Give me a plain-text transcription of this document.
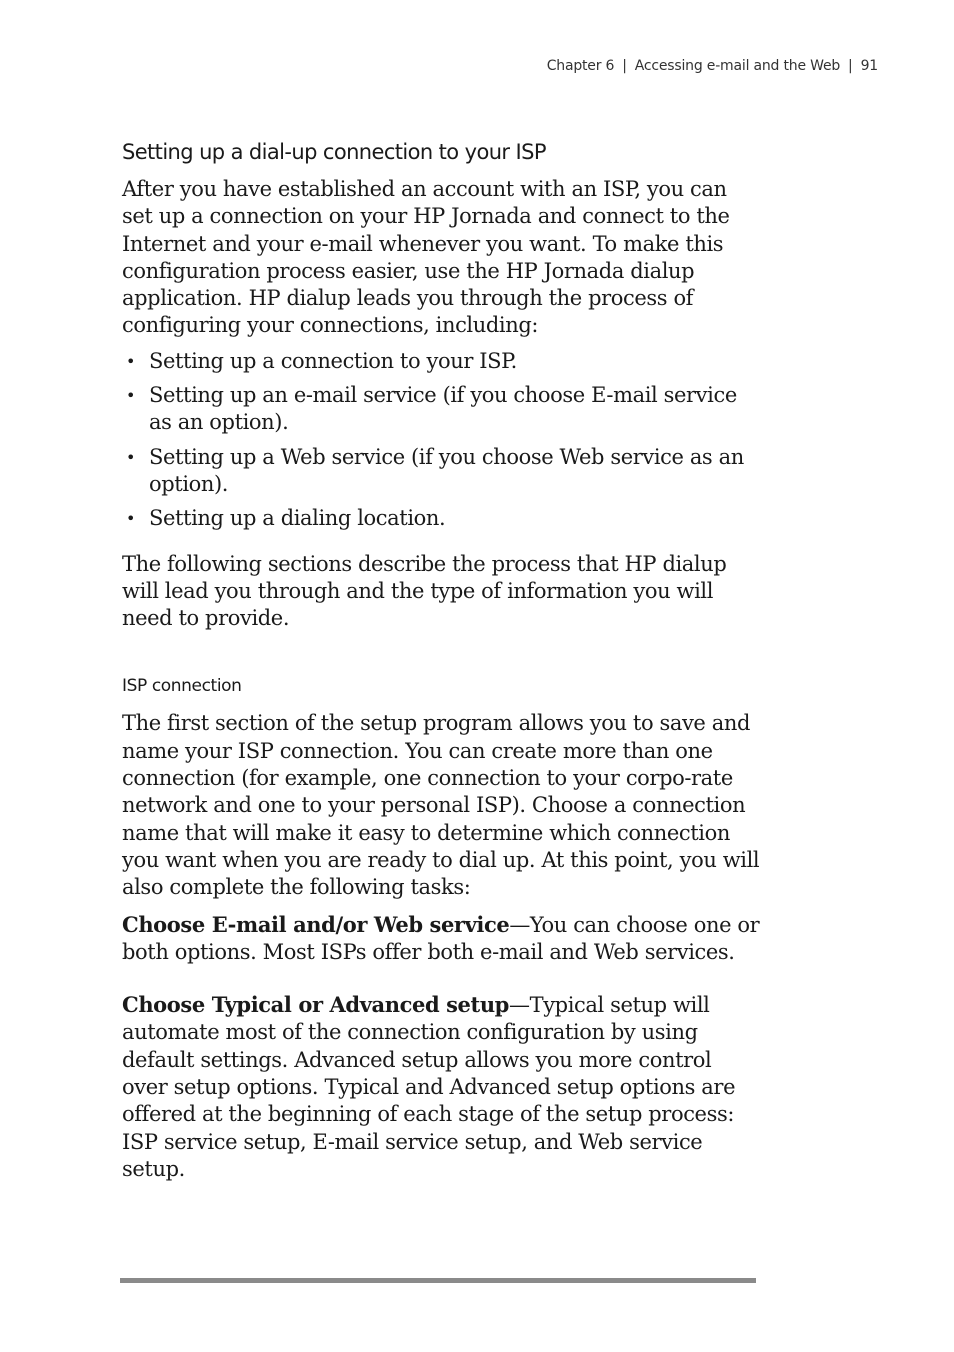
Chapter 6 | Accessing e-mail and the Web | 91
Setting up a dial-up connection to your ISP

After you have established an account with an ISP, you can set up a connection on your HP Jornada and connect to the Internet and your e-mail whenever you want. To make this configuration process easier, use the HP Jornada dialup application. HP dialup leads you through the process of configuring your connections, including:

• Setting up a connection to your ISP.
• Setting up an e-mail service (if you choose E-mail service as an option).
• Setting up a Web service (if you choose Web service as an option).
• Setting up a dialing location.

The following sections describe the process that HP dialup will lead you through and the type of information you will need to provide.

ISP connection

The first section of the setup program allows you to save and name your ISP connection. You can create more than one connection (for example, one connection to your corpo-rate network and one to your personal ISP). Choose a connection name that will make it easy to determine which connection you want when you are ready to dial up. At this point, you will also complete the following tasks:

Choose E-mail and/or Web service—You can choose one or both options. Most ISPs offer both e-mail and Web services.

Choose Typical or Advanced setup—Typical setup will automate most of the connection configuration by using default settings. Advanced setup allows you more control over setup options. Typical and Advanced setup options are offered at the beginning of each stage of the setup process: ISP service setup, E-mail service setup, and Web service setup.
